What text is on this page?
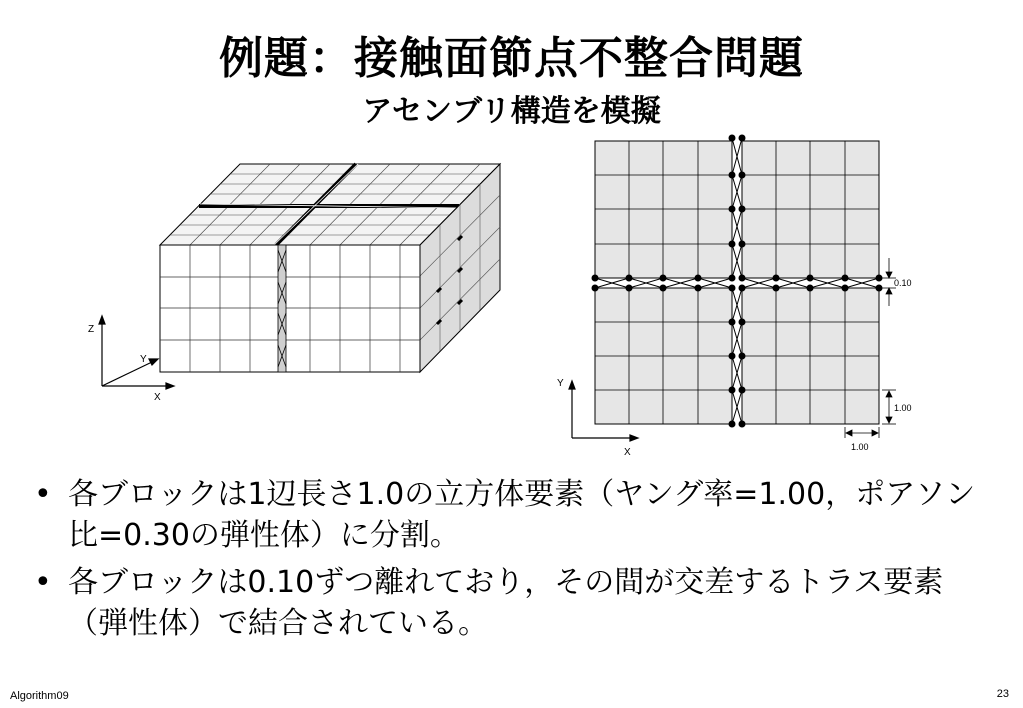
例題：接触面節点不整合問題
アセンブリ構造を模擬
Z
Y
X
0.10
1.00
1.00
Y
X
• 各ブロックは1辺長さ1.0の立方体要素（ヤング率=1.00，ポアソン比=0.30の弾性体）に分割。
• 各ブロックは0.10ずつ離れており，その間が交差するトラス要素（弾性体）で結合されている。
Algorithm09	23
